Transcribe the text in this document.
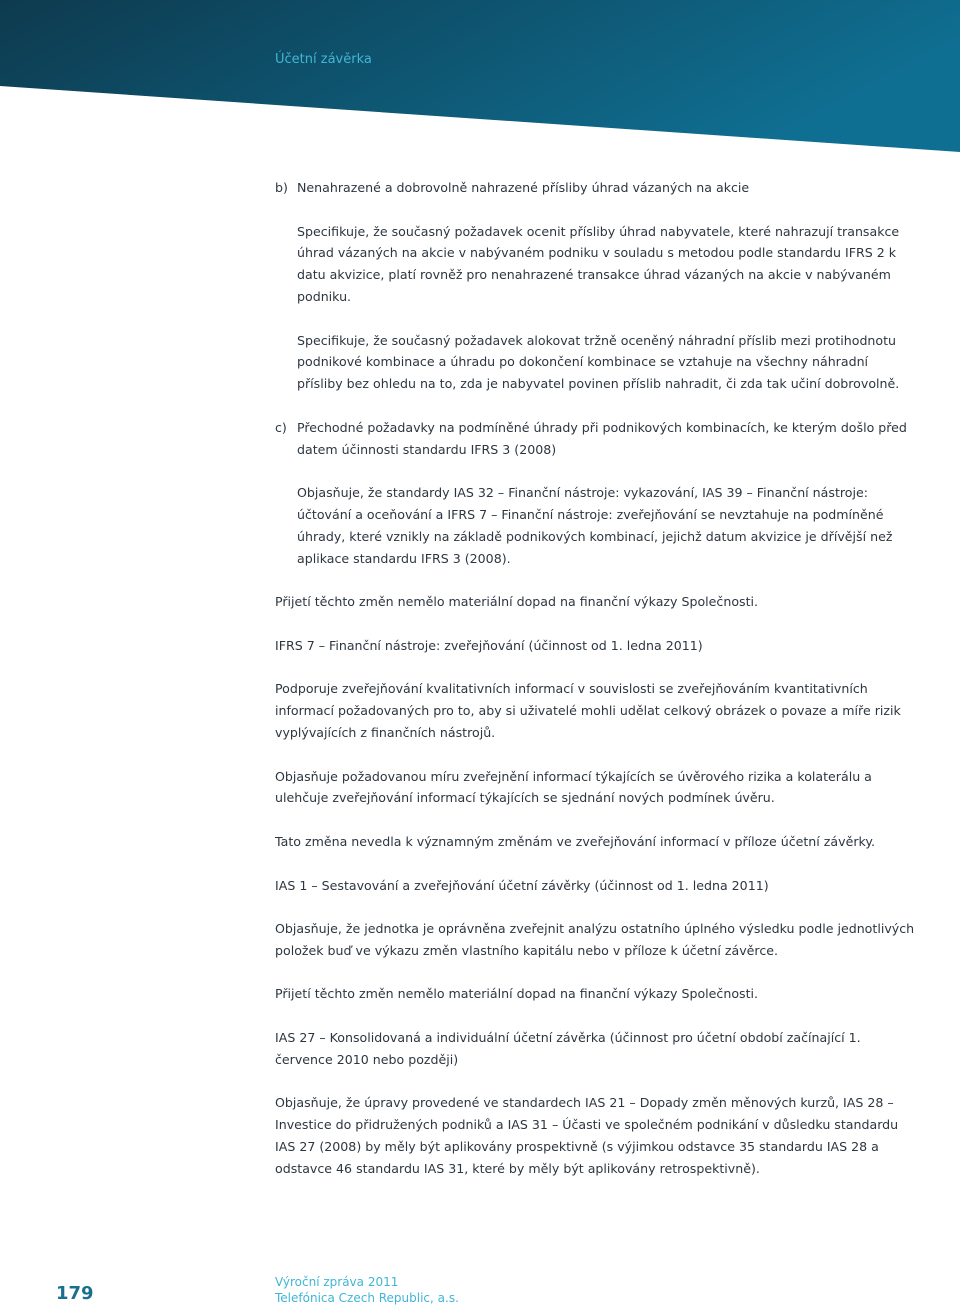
Účetní závěrka
b) Nenahrazené a dobrovolně nahrazené přísliby úhrad vázaných na akcie

Specifikuje, že současný požadavek ocenit přísliby úhrad nabyvatele, které nahrazují transakce úhrad vázaných na akcie v nabývaném podniku v souladu s metodou podle standardu IFRS 2 k datu akvizice, platí rovněž pro nenahrazené transakce úhrad vázaných na akcie v nabývaném podniku.

Specifikuje, že současný požadavek alokovat tržně oceněný náhradní příslib mezi protihodnotu podnikové kombinace a úhradu po dokončení kombinace se vztahuje na všechny náhradní přísliby bez ohledu na to, zda je nabyvatel povinen příslib nahradit, či zda tak učiní dobrovolně.

c) Přechodné požadavky na podmíněné úhrady při podnikových kombinacích, ke kterým došlo před datem účinnosti standardu IFRS 3 (2008)

Objasňuje, že standardy IAS 32 – Finanční nástroje: vykazování, IAS 39 – Finanční nástroje: účtování a oceňování a IFRS 7 – Finanční nástroje: zveřejňování se nevztahuje na podmíněné úhrady, které vznikly na základě podnikových kombinací, jejichž datum akvizice je dřívější než aplikace standardu IFRS 3 (2008).

Přijetí těchto změn nemělo materiální dopad na finanční výkazy Společnosti.

IFRS 7 – Finanční nástroje: zveřejňování (účinnost od 1. ledna 2011)

Podporuje zveřejňování kvalitativních informací v souvislosti se zveřejňováním kvantitativních informací požadovaných pro to, aby si uživatelé mohli udělat celkový obrázek o povaze a míře rizik vyplývajících z finančních nástrojů.

Objasňuje požadovanou míru zveřejnění informací týkajících se úvěrového rizika a kolaterálu a ulehčuje zveřejňování informací týkajících se sjednání nových podmínek úvěru.

Tato změna nevedla k významným změnám ve zveřejňování informací v příloze účetní závěrky.

IAS 1 – Sestavování a zveřejňování účetní závěrky (účinnost od 1. ledna 2011)

Objasňuje, že jednotka je oprávněna zveřejnit analýzu ostatního úplného výsledku podle jednotlivých položek buď ve výkazu změn vlastního kapitálu nebo v příloze k účetní závěrce.

Přijetí těchto změn nemělo materiální dopad na finanční výkazy Společnosti.

IAS 27 – Konsolidovaná a individuální účetní závěrka (účinnost pro účetní období začínající 1. července 2010 nebo později)

Objasňuje, že úpravy provedené ve standardech IAS 21 – Dopady změn měnových kurzů, IAS 28 – Investice do přidružených podniků a IAS 31 – Účasti ve společném podnikání v důsledku standardu IAS 27 (2008) by měly být aplikovány prospektivně (s výjimkou odstavce 35 standardu IAS 28 a odstavce 46 standardu IAS 31, které by měly být aplikovány retrospektivně).

179
Výroční zpráva 2011
Telefónica Czech Republic, a.s.
